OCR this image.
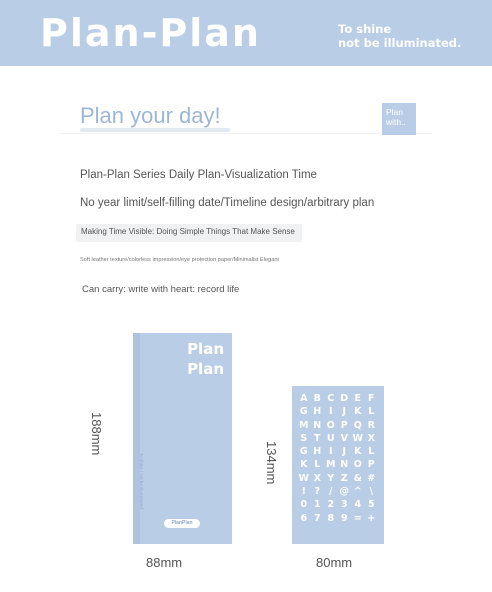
Plan-Plan	To shine
not be illuminated.
Plan your day!	Plan
with..
Plan-Plan Series Daily Plan-Visualization Time
No year limit/self-filling date/Timeline design/arbitrary plan
Making Time Visible: Doing Simple Things That Make Sense
Soft leather texture/colorless impression/eye protection paper/Minimalist Elegant
Can carry: write with heart: record life
Plan
Plan
To shine | not be illuminated
PlanPlan
A B C D E F
G H I	J K L
M N O P Q R
S T U V W X
G H I	J K L
K L M N O P
W X Y Z & #
! ? / @ ^ \
0 1 2 3 4 5
6 7 8 9 = +
88mm
188mm
80mm
134mm
